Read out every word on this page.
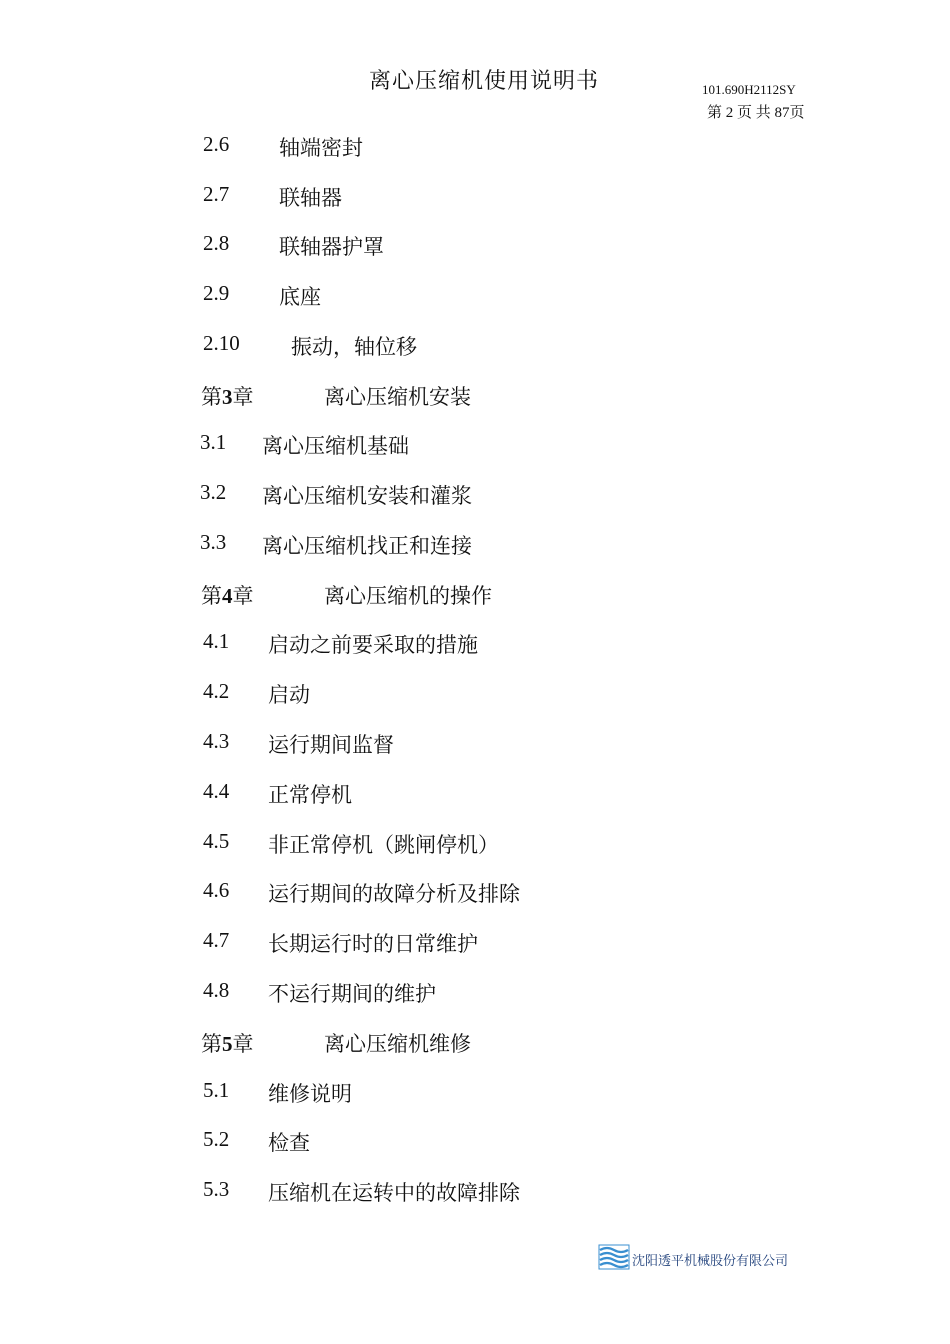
离心压缩机使用说明书	101.690H2112SY
第 2 页 共 87页
2.6 轴端密封
2.7 联轴器
2.8 联轴器护罩
2.9 底座
2.10 振动，轴位移
第3章	离心压缩机安装
3.1 离心压缩机基础
3.2 离心压缩机安装和灌浆
3.3 离心压缩机找正和连接
第4章	离心压缩机的操作
4.1 启动之前要采取的措施
4.2 启动
4.3 运行期间监督
4.4 正常停机
4.5 非正常停机（跳闸停机）
4.6 运行期间的故障分析及排除
4.7 长期运行时的日常维护
4.8 不运行期间的维护
第5章	离心压缩机维修
5.1 维修说明
5.2 检查
5.3 压缩机在运转中的故障排除
沈阳透平机械股份有限公司
